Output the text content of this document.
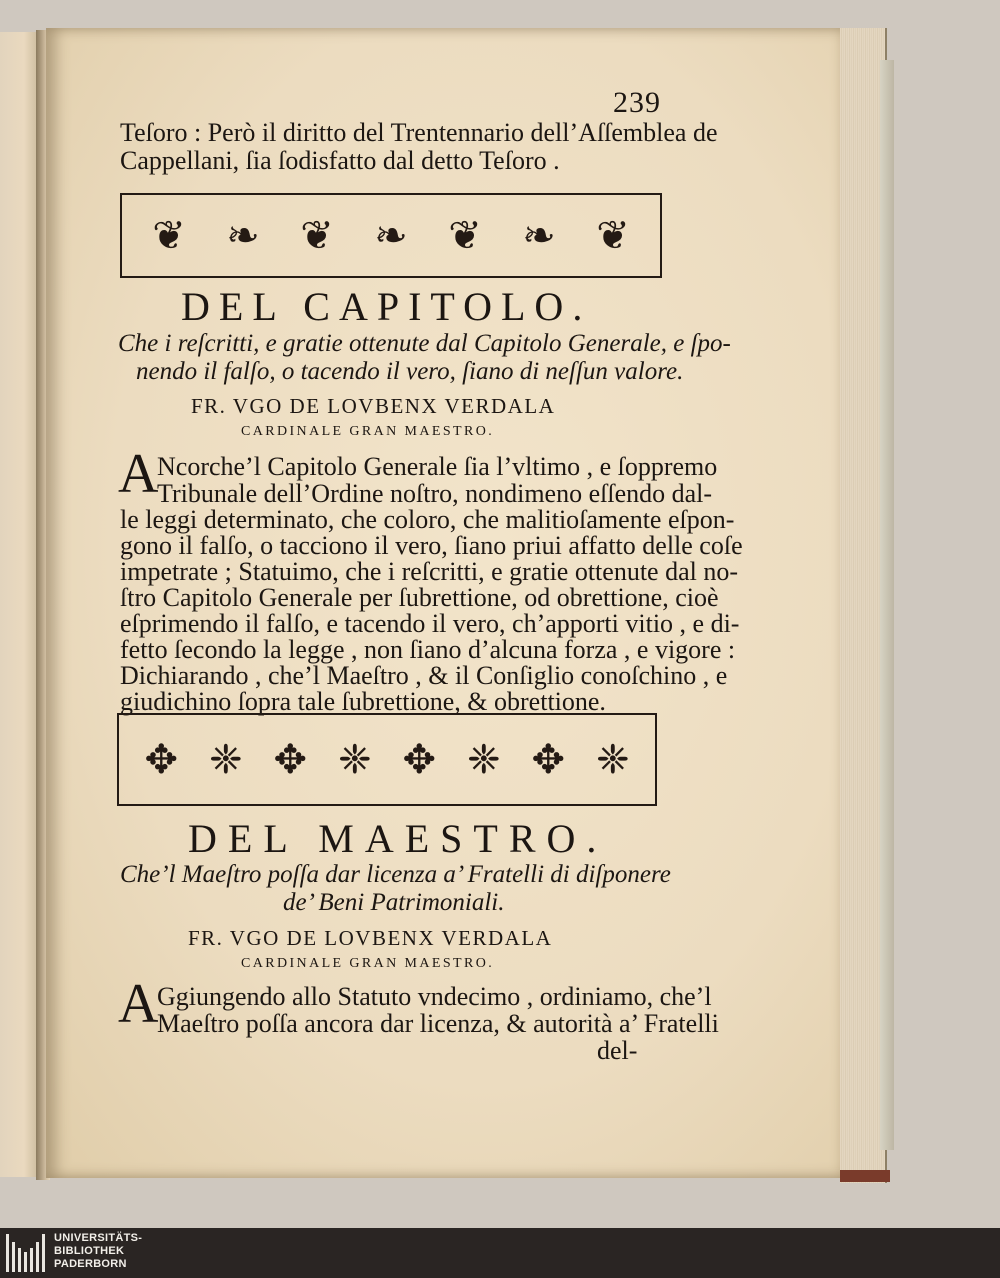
239
Teſoro : Però il diritto del Trentennario dell’Aſſemblea de
Cappellani, ſia ſodisfatto dal detto Teſoro .
❦ ❧ ❦ ❧ ❦ ❧ ❦
DEL CAPITOLO.
Che i reſcritti, e gratie ottenute dal Capitolo Generale, e ſpo-
nendo il falſo, o tacendo il vero, ſiano di neſſun valore.
FR. VGO DE LOVBENX VERDALA
CARDINALE GRAN MAESTRO.
A
Ncorche’l Capitolo Generale ſia l’vltimo , e ſoppremo
Tribunale dell’Ordine noſtro, nondimeno eſſendo dal-
le leggi determinato, che coloro, che malitioſamente eſpon-
gono il falſo, o tacciono il vero, ſiano priui affatto delle coſe
impetrate ; Statuimo, che i reſcritti, e gratie ottenute dal no-
ſtro Capitolo Generale per ſubrettione, od obrettione, cioè
eſprimendo il falſo, e tacendo il vero, ch’apporti vitio , e di-
fetto ſecondo la legge , non ſiano d’alcuna forza , e vigore :
Dichiarando , che’l Maeſtro , & il Conſiglio conoſchino , e
giudichino ſopra tale ſubrettione, & obrettione.
✥ ❈ ✥ ❈ ✥ ❈ ✥ ❈
DEL MAESTRO.
Che’l Maeſtro poſſa dar licenza a’ Fratelli di diſponere
de’ Beni Patrimoniali.
FR. VGO DE LOVBENX VERDALA
CARDINALE GRAN MAESTRO.
A
Ggiungendo allo Statuto vndecimo , ordiniamo, che’l
Maeſtro poſſa ancora dar licenza, & autorità a’ Fratelli
del-
UNIVERSITÄTS-
BIBLIOTHEK
PADERBORN
